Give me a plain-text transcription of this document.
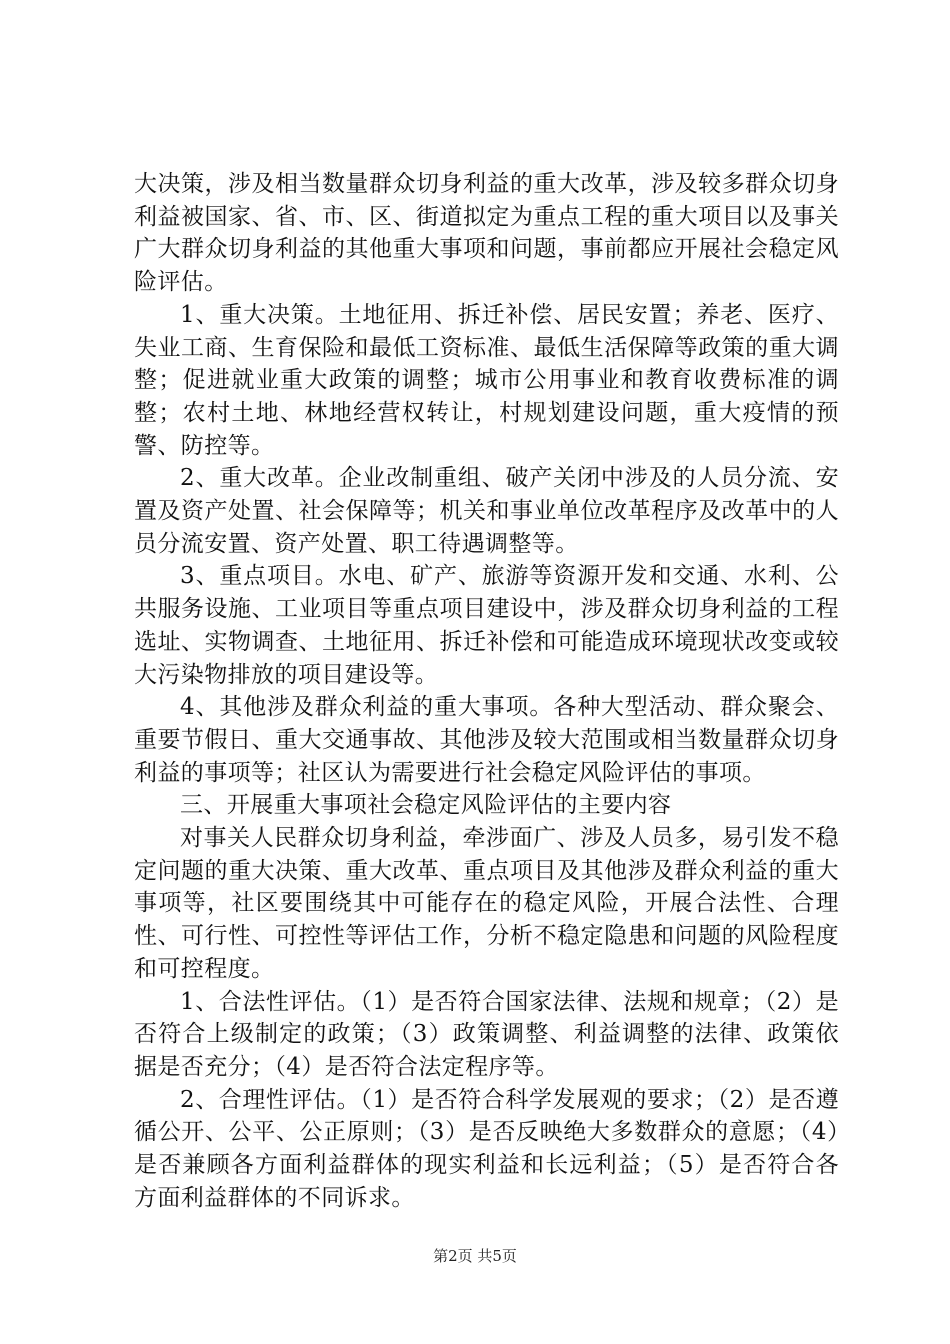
大决策，涉及相当数量群众切身利益的重大改革，涉及较多群众切身利益被国家、省、市、区、街道拟定为重点工程的重大项目以及事关广大群众切身利益的其他重大事项和问题，事前都应开展社会稳定风险评估。

1、重大决策。土地征用、拆迁补偿、居民安置；养老、医疗、失业工商、生育保险和最低工资标准、最低生活保障等政策的重大调整；促进就业重大政策的调整；城市公用事业和教育收费标准的调整；农村土地、林地经营权转让，村规划建设问题，重大疫情的预警、防控等。

2、重大改革。企业改制重组、破产关闭中涉及的人员分流、安置及资产处置、社会保障等；机关和事业单位改革程序及改革中的人员分流安置、资产处置、职工待遇调整等。

3、重点项目。水电、矿产、旅游等资源开发和交通、水利、公共服务设施、工业项目等重点项目建设中，涉及群众切身利益的工程选址、实物调查、土地征用、拆迁补偿和可能造成环境现状改变或较大污染物排放的项目建设等。

4、其他涉及群众利益的重大事项。各种大型活动、群众聚会、重要节假日、重大交通事故、其他涉及较大范围或相当数量群众切身利益的事项等；社区认为需要进行社会稳定风险评估的事项。

三、开展重大事项社会稳定风险评估的主要内容

对事关人民群众切身利益，牵涉面广、涉及人员多，易引发不稳定问题的重大决策、重大改革、重点项目及其他涉及群众利益的重大事项等，社区要围绕其中可能存在的稳定风险，开展合法性、合理性、可行性、可控性等评估工作，分析不稳定隐患和问题的风险程度和可控程度。

1、合法性评估。（1）是否符合国家法律、法规和规章；（2）是否符合上级制定的政策；（3）政策调整、利益调整的法律、政策依据是否充分；（4）是否符合法定程序等。

2、合理性评估。（1）是否符合科学发展观的要求；（2）是否遵循公开、公平、公正原则；（3）是否反映绝大多数群众的意愿；（4）是否兼顾各方面利益群体的现实利益和长远利益；（5）是否符合各方面利益群体的不同诉求。

第2页 共5页
